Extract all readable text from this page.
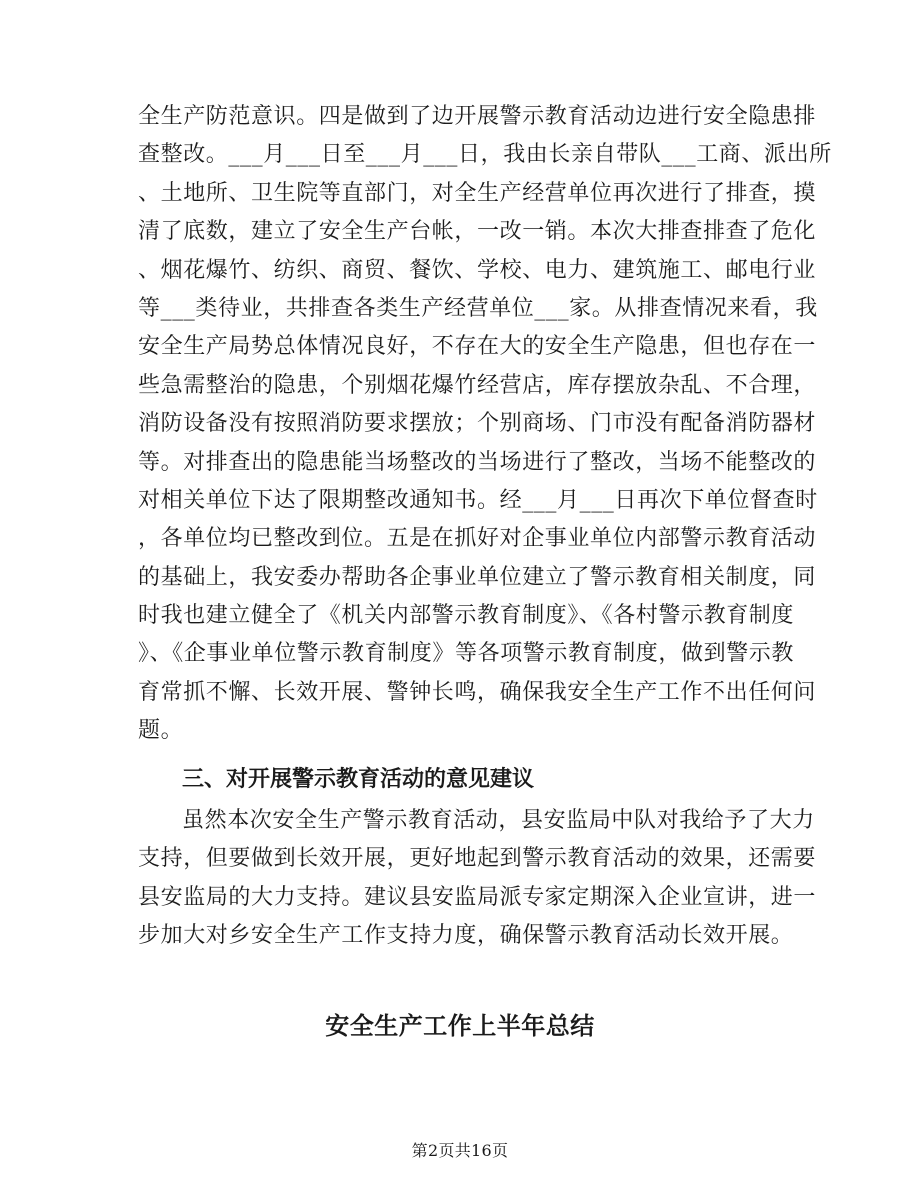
全生产防范意识。四是做到了边开展警示教育活动边进行安全隐患排
查整改。___月___日至___月___日，我由长亲自带队___工商、派出所
、土地所、卫生院等直部门，对全生产经营单位再次进行了排查，摸
清了底数，建立了安全生产台帐，一改一销。本次大排查排查了危化
、烟花爆竹、纺织、商贸、餐饮、学校、电力、建筑施工、邮电行业
等___类待业，共排查各类生产经营单位___家。从排查情况来看，我
安全生产局势总体情况良好，不存在大的安全生产隐患，但也存在一
些急需整治的隐患，个别烟花爆竹经营店，库存摆放杂乱、不合理，
消防设备没有按照消防要求摆放；个别商场、门市没有配备消防器材
等。对排查出的隐患能当场整改的当场进行了整改，当场不能整改的
对相关单位下达了限期整改通知书。经___月___日再次下单位督查时
，各单位均已整改到位。五是在抓好对企事业单位内部警示教育活动
的基础上，我安委办帮助各企事业单位建立了警示教育相关制度，同
时我也建立健全了《机关内部警示教育制度》、《各村警示教育制度
》、《企事业单位警示教育制度》等各项警示教育制度，做到警示教
育常抓不懈、长效开展、警钟长鸣，确保我安全生产工作不出任何问
题。
三、对开展警示教育活动的意见建议
虽然本次安全生产警示教育活动，县安监局中队对我给予了大力
支持，但要做到长效开展，更好地起到警示教育活动的效果，还需要
县安监局的大力支持。建议县安监局派专家定期深入企业宣讲，进一
步加大对乡安全生产工作支持力度，确保警示教育活动长效开展。
安全生产工作上半年总结
第2页共16页
